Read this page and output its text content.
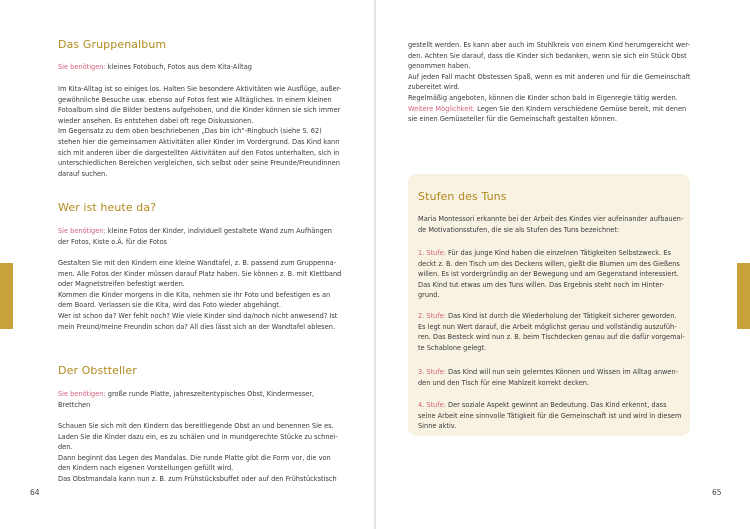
Das Gruppenalbum

Sie benötigen: kleines Fotobuch, Fotos aus dem Kita-Alltag

Im Kita-Alltag ist so einiges los. Halten Sie besondere Aktivitäten wie Ausflüge, außer-

gewöhnliche Besuche usw. ebenso auf Fotos fest wie Alltägliches. In einem kleinen

Fotoalbum sind die Bilder bestens aufgehoben, und die Kinder können sie sich immer

wieder ansehen. Es entstehen dabei oft rege Diskussionen.

Im Gegensatz zu dem oben beschriebenen „Das bin ich“-Ringbuch (siehe S. 62)

stehen hier die gemeinsamen Aktivitäten aller Kinder im Vordergrund. Das Kind kann

sich mit anderen über die dargestellten Aktivitäten auf den Fotos unterhalten, sich in

unterschiedlichen Bereichen vergleichen, sich selbst oder seine Freunde/Freundinnen

darauf suchen.

Wer ist heute da?

Sie benötigen: kleine Fotos der Kinder, individuell gestaltete Wand zum Aufhängen

der Fotos, Kiste o.Ä. für die Fotos

Gestalten Sie mit den Kindern eine kleine Wandtafel, z. B. passend zum Gruppenna-

men. Alle Fotos der Kinder müssen darauf Platz haben. Sie können z. B. mit Klettband

oder Magnetstreifen befestigt werden.

Kommen die Kinder morgens in die Kita, nehmen sie ihr Foto und befestigen es an

dem Board. Verlassen sie die Kita, wird das Foto wieder abgehängt.

Wer ist schon da? Wer fehlt noch? Wie viele Kinder sind da/noch nicht anwesend? Ist

mein Freund/meine Freundin schon da? All dies lässt sich an der Wandtafel ablesen.

Der Obstteller

Sie benötigen: große runde Platte, jahreszeitentypisches Obst, Kindermesser,

Brettchen

Schauen Sie sich mit den Kindern das bereitliegende Obst an und benennen Sie es.

Laden Sie die Kinder dazu ein, es zu schälen und in mundgerechte Stücke zu schnei-

den.

Dann beginnt das Legen des Mandalas. Die runde Platte gibt die Form vor, die von

den Kindern nach eigenen Vorstellungen gefüllt wird.

Das Obstmandala kann nun z. B. zum Frühstücksbuffet oder auf den Frühstückstisch

64

gestellt werden. Es kann aber auch im Stuhlkreis von einem Kind herumgereicht wer-

den. Achten Sie darauf, dass die Kinder sich bedanken, wenn sie sich ein Stück Obst

genommen haben.

Auf jeden Fall macht Obstessen Spaß, wenn es mit anderen und für die Gemeinschaft

zubereitet wird.

Regelmäßig angeboten, können die Kinder schon bald in Eigenregie tätig werden.

Weitere Möglichkeit: Legen Sie den Kindern verschiedene Gemüse bereit, mit denen

sie einen Gemüseteller für die Gemeinschaft gestalten können.

Stufen des Tuns

Maria Montessori erkannte bei der Arbeit des Kindes vier aufeinander aufbauen-

de Motivationsstufen, die sie als Stufen des Tuns bezeichnet:

1. Stufe: Für das junge Kind haben die einzelnen Tätigkeiten Selbstzweck. Es

deckt z. B. den Tisch um des Deckens willen, gießt die Blumen um des Gießens

willen. Es ist vordergründig an der Bewegung und am Gegenstand interessiert.

Das Kind tut etwas um des Tuns willen. Das Ergebnis steht noch im Hinter-

grund.

2. Stufe: Das Kind ist durch die Wiederholung der Tätigkeit sicherer geworden.

Es legt nun Wert darauf, die Arbeit möglichst genau und vollständig auszufüh-

ren. Das Besteck wird nun z. B. beim Tischdecken genau auf die dafür vorgemal-

te Schablone gelegt.

3. Stufe: Das Kind will nun sein gelerntes Können und Wissen im Alltag anwen-

den und den Tisch für eine Mahlzeit korrekt decken.

4. Stufe: Der soziale Aspekt gewinnt an Bedeutung. Das Kind erkennt, dass

seine Arbeit eine sinnvolle Tätigkeit für die Gemeinschaft ist und wird in diesem

Sinne aktiv.

65
